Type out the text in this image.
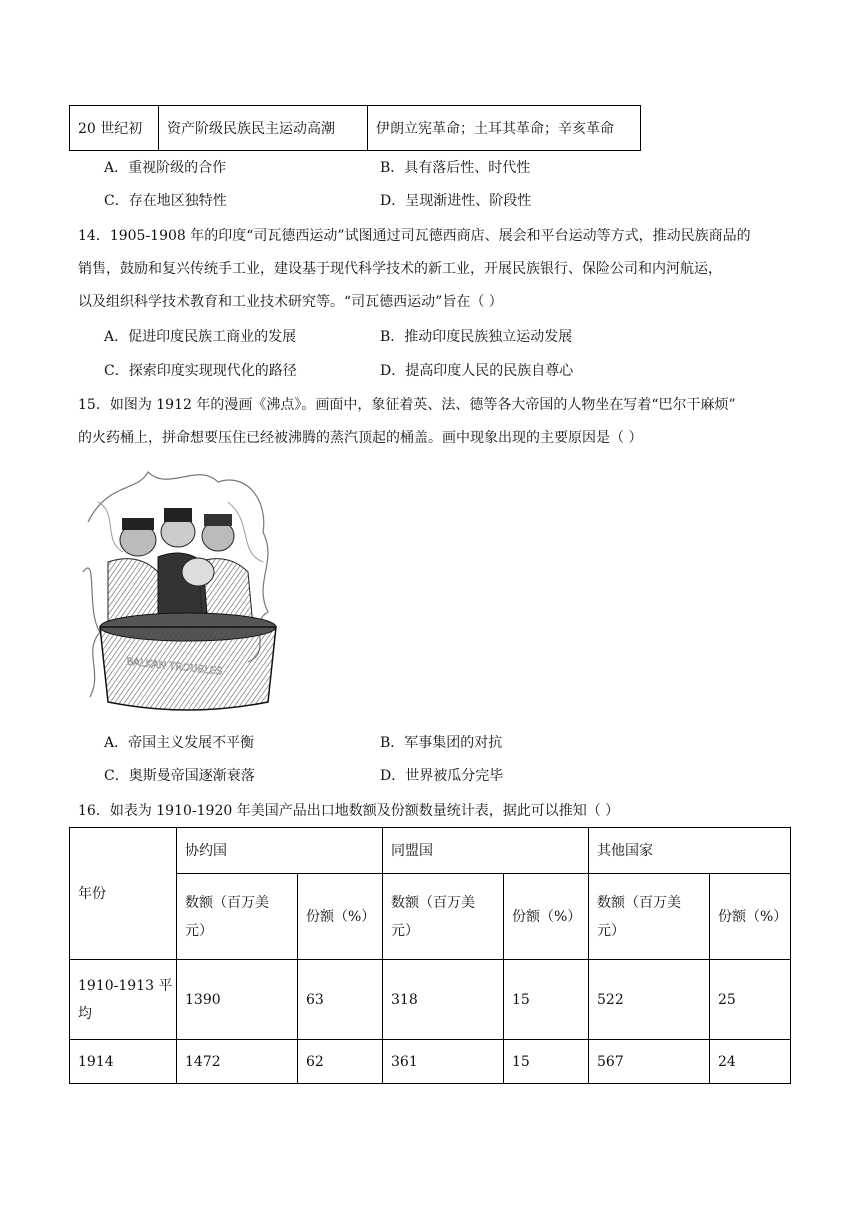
20 世纪初	资产阶级民族民主运动高潮	伊朗立宪革命；土耳其革命；辛亥革命
A．重视阶级的合作	B．具有落后性、时代性
C．存在地区独特性	D．呈现渐进性、阶段性
14．1905-1908 年的印度“司瓦德西运动”试图通过司瓦德西商店、展会和平台运动等方式，推动民族商品的
销售，鼓励和复兴传统手工业，建设基于现代科学技术的新工业，开展民族银行、保险公司和内河航运，
以及组织科学技术教育和工业技术研究等。“司瓦德西运动”旨在（ ）
A．促进印度民族工商业的发展	B．推动印度民族独立运动发展
C．探索印度实现现代化的路径	D．提高印度人民的民族自尊心
15．如图为 1912 年的漫画《沸点》。画面中，象征着英、法、德等各大帝国的人物坐在写着“巴尔干麻烦”
的火药桶上，拼命想要压住已经被沸腾的蒸汽顶起的桶盖。画中现象出现的主要原因是（ ）
BALKAN TROUBLES
A．帝国主义发展不平衡	B．军事集团的对抗
C．奥斯曼帝国逐渐衰落	D．世界被瓜分完毕
16．如表为 1910-1920 年美国产品出口地数额及份额数量统计表，据此可以推知（ ）
年份	协约国		同盟国		其他国家	
	数额（百万美
元）	份额（%）	数额（百万美
元）	份额（%）	数额（百万美
元）	份额（%）
1910-1913 平
均	1390	63	318	15	522	25
1914	1472	62	361	15	567	24
